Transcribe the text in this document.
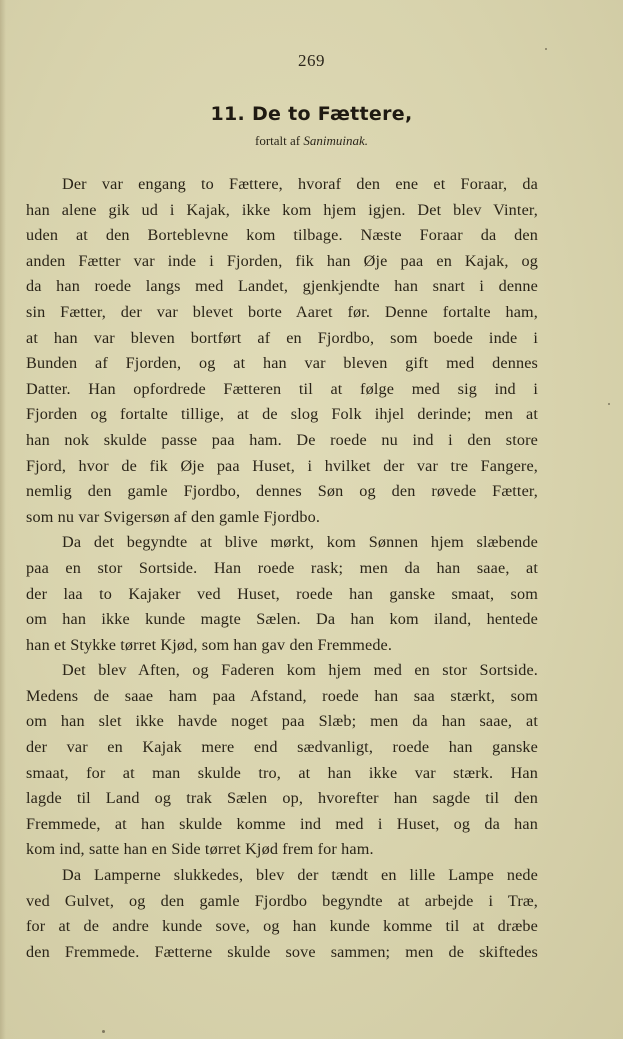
269
11. De to Fættere,
fortalt af Sanimuinak.
Der var engang to Fættere, hvoraf den ene et Foraar, da
han alene gik ud i Kajak, ikke kom hjem igjen. Det blev Vinter,
uden at den Borteblevne kom tilbage. Næste Foraar da den
anden Fætter var inde i Fjorden, fik han Øje paa en Kajak, og
da han roede langs med Landet, gjenkjendte han snart i denne
sin Fætter, der var blevet borte Aaret før. Denne fortalte ham,
at han var bleven bortført af en Fjordbo, som boede inde i
Bunden af Fjorden, og at han var bleven gift med dennes
Datter. Han opfordrede Fætteren til at følge med sig ind i
Fjorden og fortalte tillige, at de slog Folk ihjel derinde; men at
han nok skulde passe paa ham. De roede nu ind i den store
Fjord, hvor de fik Øje paa Huset, i hvilket der var tre Fangere,
nemlig den gamle Fjordbo, dennes Søn og den røvede Fætter,
som nu var Svigersøn af den gamle Fjordbo.
Da det begyndte at blive mørkt, kom Sønnen hjem slæbende
paa en stor Sortside. Han roede rask; men da han saae, at
der laa to Kajaker ved Huset, roede han ganske smaat, som
om han ikke kunde magte Sælen. Da han kom iland, hentede
han et Stykke tørret Kjød, som han gav den Fremmede.
Det blev Aften, og Faderen kom hjem med en stor Sortside.
Medens de saae ham paa Afstand, roede han saa stærkt, som
om han slet ikke havde noget paa Slæb; men da han saae, at
der var en Kajak mere end sædvanligt, roede han ganske
smaat, for at man skulde tro, at han ikke var stærk. Han
lagde til Land og trak Sælen op, hvorefter han sagde til den
Fremmede, at han skulde komme ind med i Huset, og da han
kom ind, satte han en Side tørret Kjød frem for ham.
Da Lamperne slukkedes, blev der tændt en lille Lampe nede
ved Gulvet, og den gamle Fjordbo begyndte at arbejde i Træ,
for at de andre kunde sove, og han kunde komme til at dræbe
den Fremmede. Fætterne skulde sove sammen; men de skiftedes
